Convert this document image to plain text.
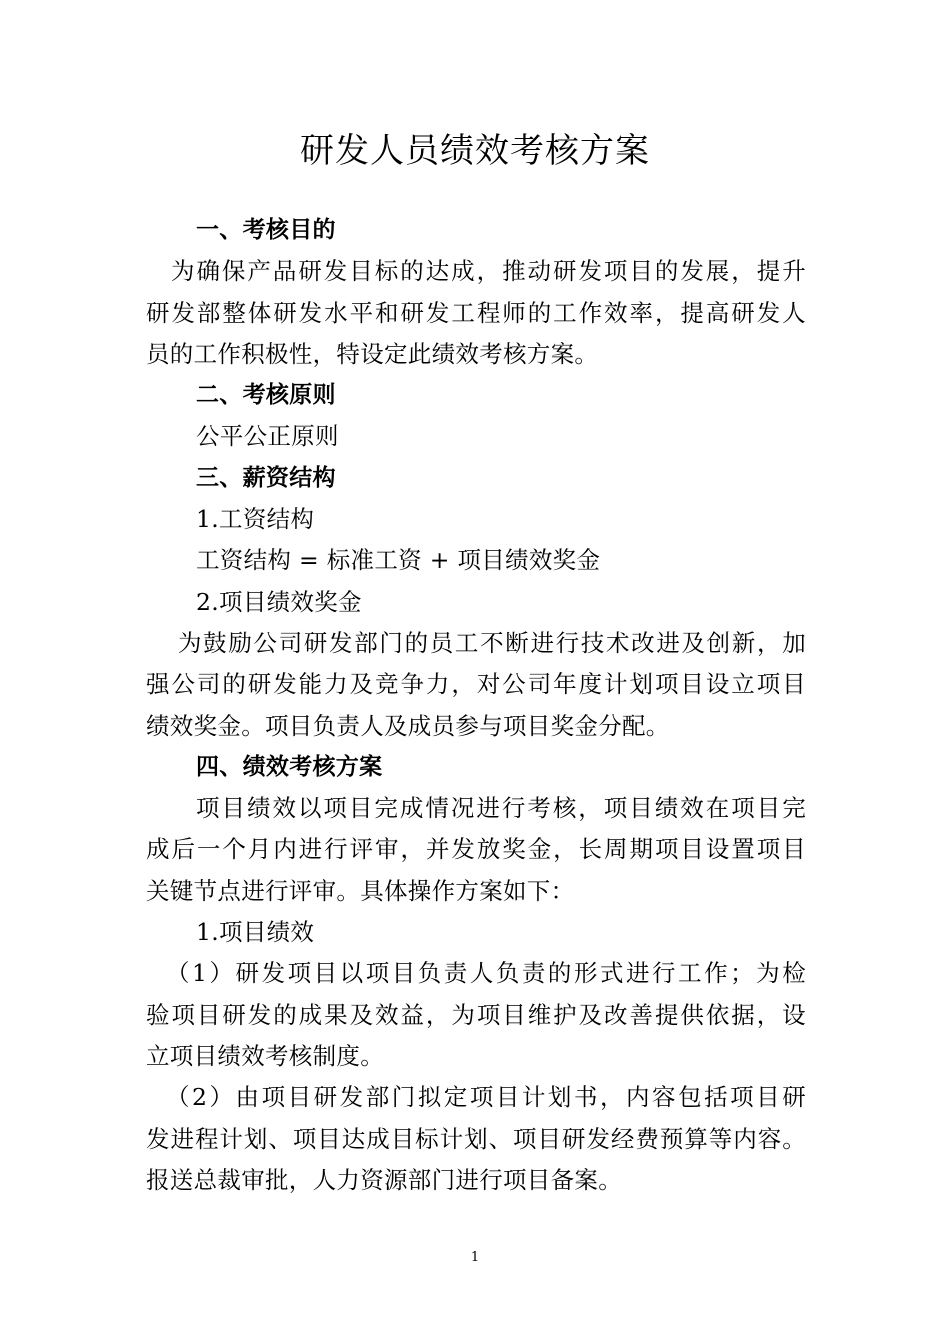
研发人员绩效考核方案
一、考核目的
为确保产品研发目标的达成，推动研发项目的发展，提升
研发部整体研发水平和研发工程师的工作效率，提高研发人
员的工作积极性，特设定此绩效考核方案。
二、考核原则
公平公正原则
三、薪资结构
1.工资结构
工资结构 = 标准工资 + 项目绩效奖金
2.项目绩效奖金
为鼓励公司研发部门的员工不断进行技术改进及创新，加
强公司的研发能力及竞争力，对公司年度计划项目设立项目
绩效奖金。项目负责人及成员参与项目奖金分配。
四、绩效考核方案
项目绩效以项目完成情况进行考核，项目绩效在项目完
成后一个月内进行评审，并发放奖金，长周期项目设置项目
关键节点进行评审。具体操作方案如下：
1.项目绩效
（1）研发项目以项目负责人负责的形式进行工作；为检
验项目研发的成果及效益，为项目维护及改善提供依据，设
立项目绩效考核制度。
（2）由项目研发部门拟定项目计划书，内容包括项目研
发进程计划、项目达成目标计划、项目研发经费预算等内容。
报送总裁审批，人力资源部门进行项目备案。
1
